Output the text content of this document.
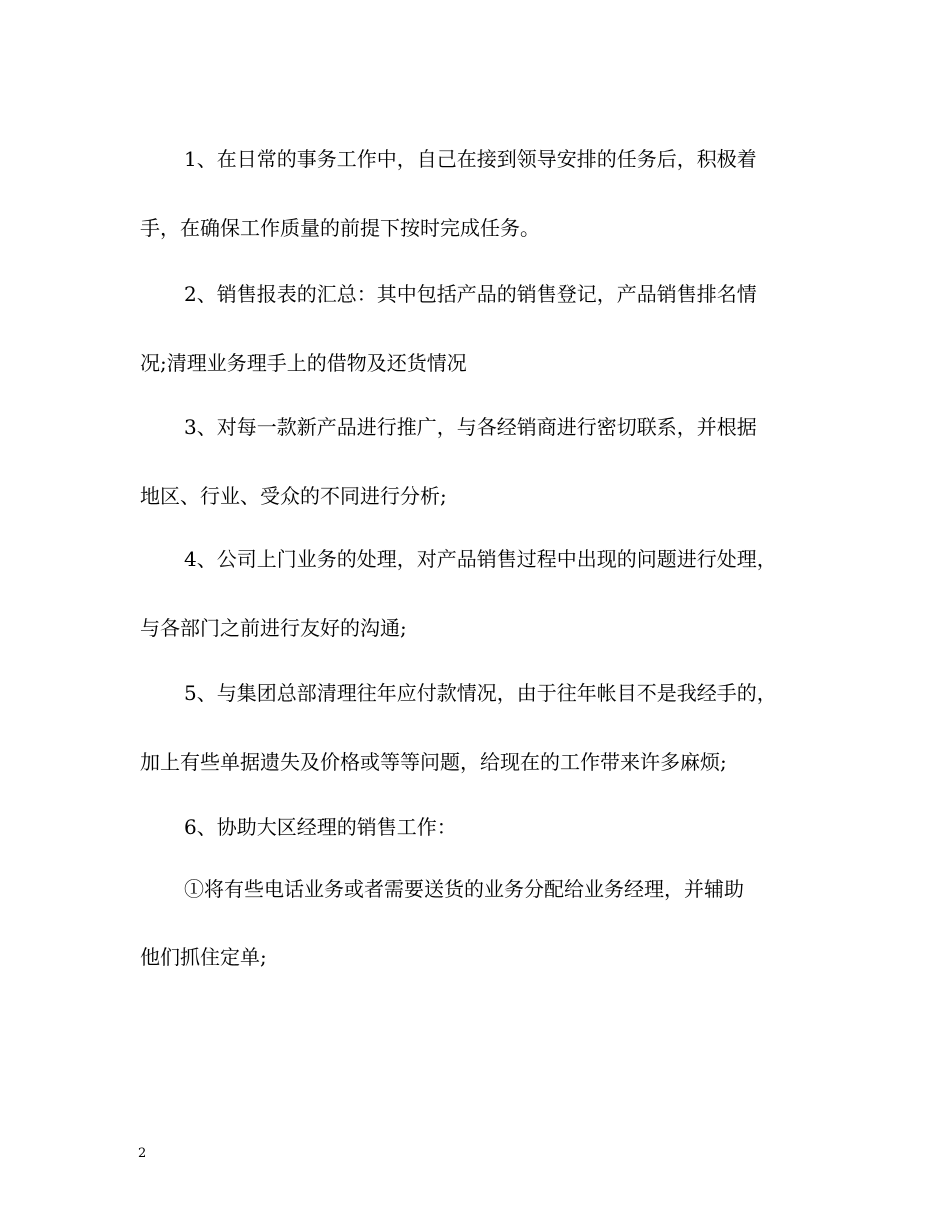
1、在日常的事务工作中，自己在接到领导安排的任务后，积极着
手，在确保工作质量的前提下按时完成任务。
2、销售报表的汇总：其中包括产品的销售登记，产品销售排名情
况;清理业务理手上的借物及还货情况
3、对每一款新产品进行推广，与各经销商进行密切联系，并根据
地区、行业、受众的不同进行分析;
4、公司上门业务的处理，对产品销售过程中出现的问题进行处理，
与各部门之前进行友好的沟通;
5、与集团总部清理往年应付款情况，由于往年帐目不是我经手的，
加上有些单据遗失及价格或等等问题，给现在的工作带来许多麻烦;
6、协助大区经理的销售工作：
①将有些电话业务或者需要送货的业务分配给业务经理，并辅助
他们抓住定单;
2
